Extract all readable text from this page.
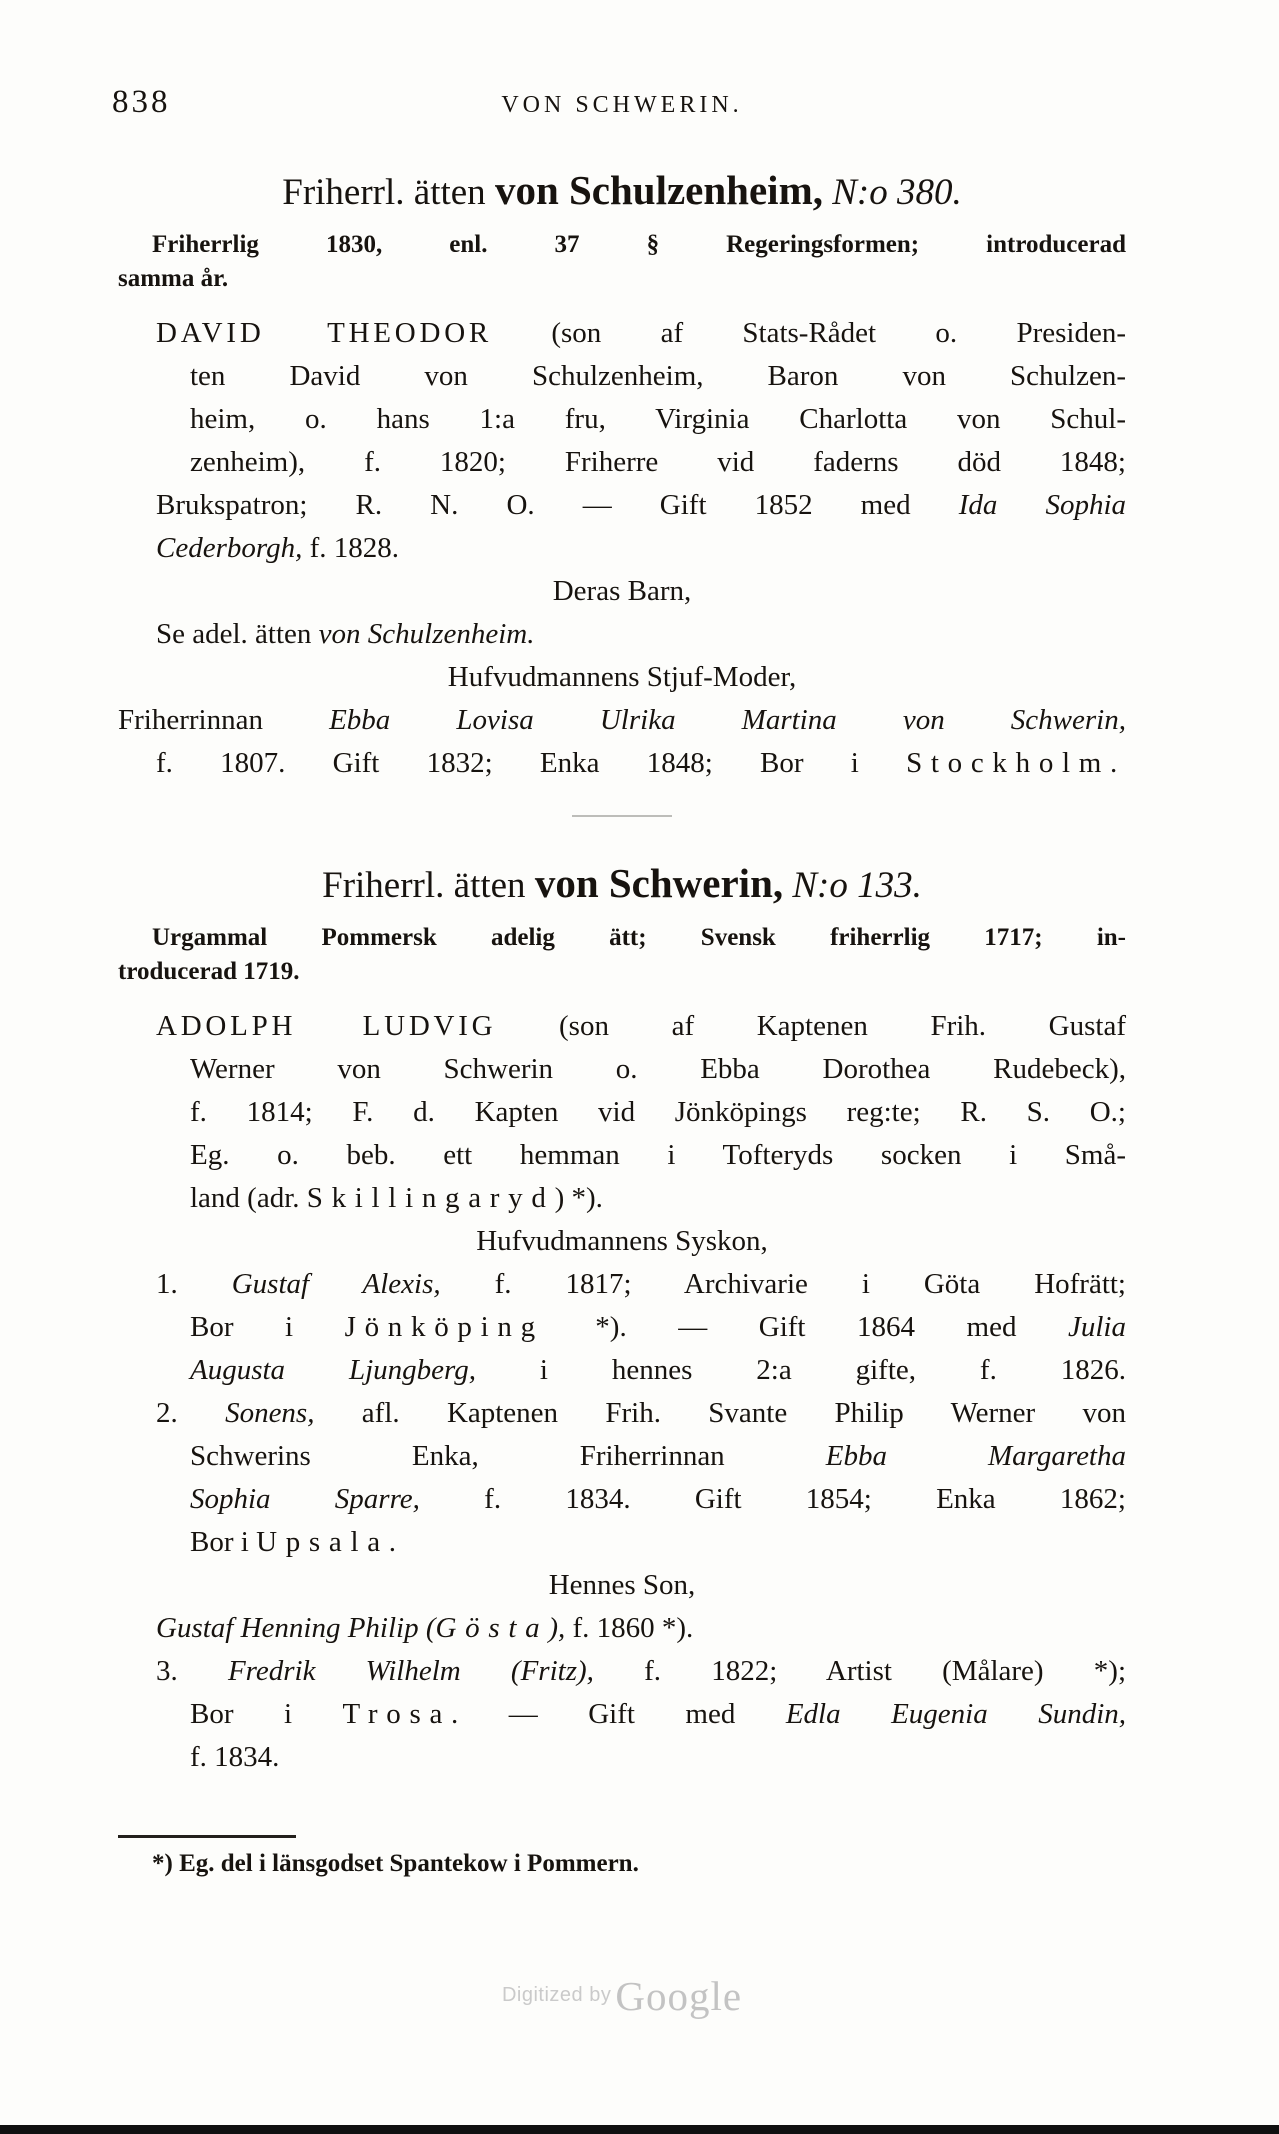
838	VON SCHWERIN.
Friherrl. ätten von Schulzenheim, N:o 380.
Friherrlig 1830, enl. 37 § Regeringsformen; introducerad
samma år.
DAVID THEODOR (son af Stats-Rådet o. Presiden-
ten David von Schulzenheim, Baron von Schulzen-
heim, o. hans 1:a fru, Virginia Charlotta von Schul-
zenheim), f. 1820; Friherre vid faderns död 1848;
Brukspatron; R. N. O. — Gift 1852 med Ida Sophia
Cederborgh, f. 1828.
Deras Barn,
Se adel. ätten von Schulzenheim.
Hufvudmannens Stjuf-Moder,
Friherrinnan Ebba Lovisa Ulrika Martina von Schwerin,
f. 1807. Gift 1832; Enka 1848; Bor i Stockholm.
Friherrl. ätten von Schwerin, N:o 133.
Urgammal Pommersk adelig ätt; Svensk friherrlig 1717; in-
troducerad 1719.
ADOLPH LUDVIG (son af Kaptenen Frih. Gustaf
Werner von Schwerin o. Ebba Dorothea Rudebeck),
f. 1814; F. d. Kapten vid Jönköpings reg:te; R. S. O.;
Eg. o. beb. ett hemman i Tofteryds socken i Små-
land (adr. Skillingaryd) *).
Hufvudmannens Syskon,
1. Gustaf Alexis, f. 1817; Archivarie i Göta Hofrätt;
Bor i Jönköping *). — Gift 1864 med Julia
Augusta Ljungberg, i hennes 2:a gifte, f. 1826.
2. Sonens, afl. Kaptenen Frih. Svante Philip Werner von
Schwerins Enka, Friherrinnan Ebba Margaretha
Sophia Sparre, f. 1834. Gift 1854; Enka 1862;
Bor i Upsala.
Hennes Son,
Gustaf Henning Philip (Gösta), f. 1860 *).
3. Fredrik Wilhelm (Fritz), f. 1822; Artist (Målare) *);
Bor i Trosa. — Gift med Edla Eugenia Sundin,
f. 1834.
*) Eg. del i länsgodset Spantekow i Pommern.
Digitized by Google
